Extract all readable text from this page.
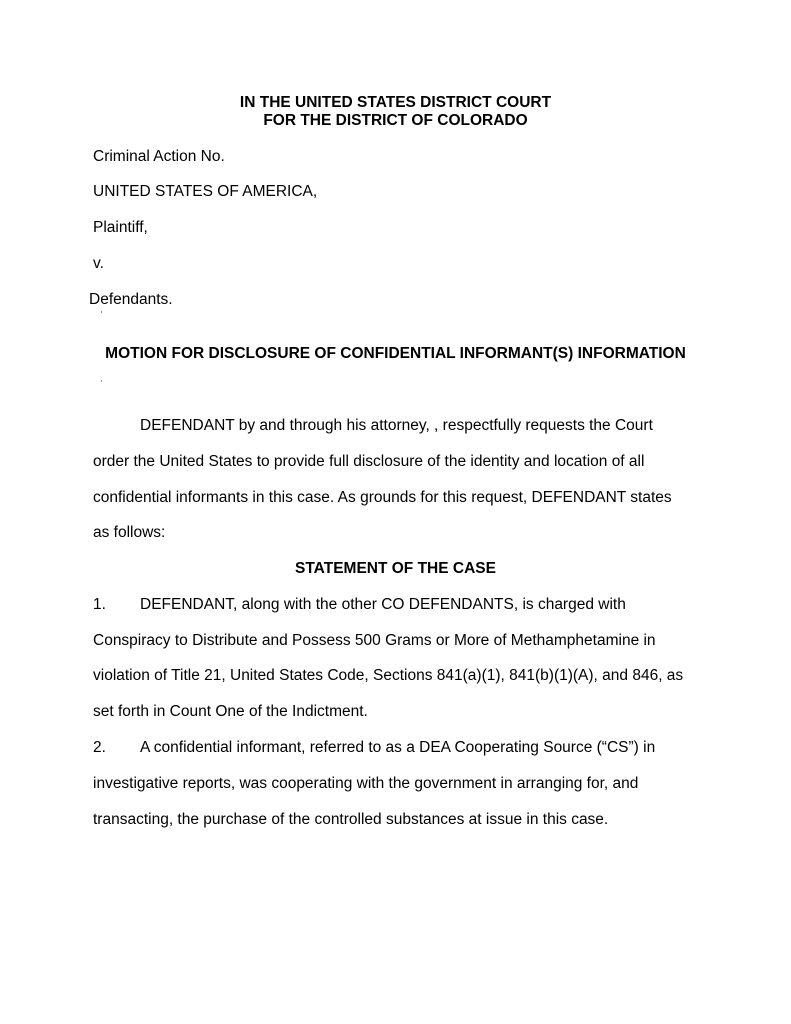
IN THE UNITED STATES DISTRICT COURT
FOR THE DISTRICT OF COLORADO
Criminal Action No.
UNITED STATES OF AMERICA,
Plaintiff,
v.
Defendants.
MOTION FOR DISCLOSURE OF CONFIDENTIAL INFORMANT(S) INFORMATION
DEFENDANT by and through his attorney, , respectfully requests the Court
order the United States to provide full disclosure of the identity and location of all
confidential informants in this case. As grounds for this request, DEFENDANT states
as follows:
STATEMENT OF THE CASE
1. DEFENDANT, along with the other CO DEFENDANTS, is charged with
Conspiracy to Distribute and Possess 500 Grams or More of Methamphetamine in
violation of Title 21, United States Code, Sections 841(a)(1), 841(b)(1)(A), and 846, as
set forth in Count One of the Indictment.
2. A confidential informant, referred to as a DEA Cooperating Source (“CS”) in
investigative reports, was cooperating with the government in arranging for, and
transacting, the purchase of the controlled substances at issue in this case.
